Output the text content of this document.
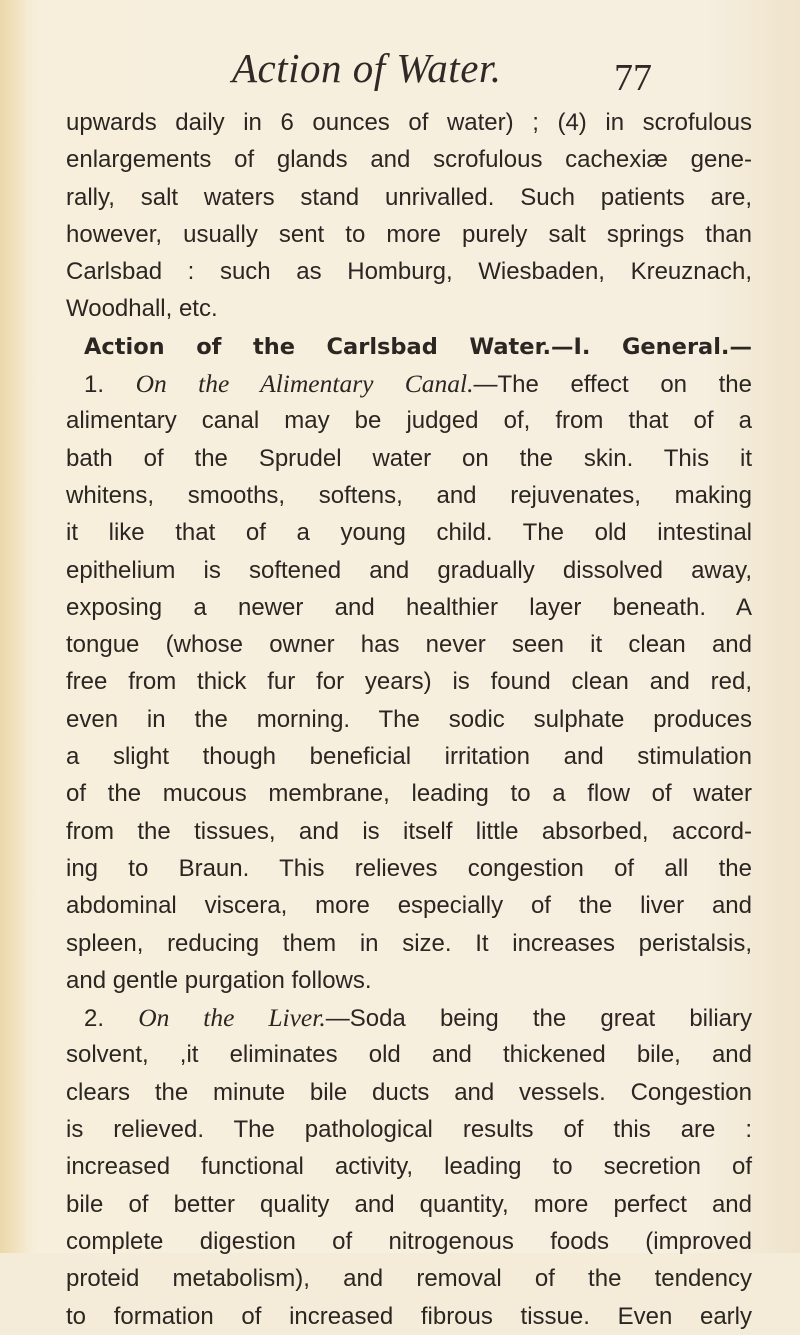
Action of Water.	77
upwards daily in 6 ounces of water) ; (4) in scrofulous
enlargements of glands and scrofulous cachexiæ gene-
rally, salt waters stand unrivalled. Such patients are,
however, usually sent to more purely salt springs than
Carlsbad : such as Homburg, Wiesbaden, Kreuznach,
Woodhall, etc.
Action of the Carlsbad Water.—I. General.—
1. On the Alimentary Canal.—The effect on the
alimentary canal may be judged of, from that of a
bath of the Sprudel water on the skin. This it
whitens, smooths, softens, and rejuvenates, making
it like that of a young child. The old intestinal
epithelium is softened and gradually dissolved away,
exposing a newer and healthier layer beneath. A
tongue (whose owner has never seen it clean and
free from thick fur for years) is found clean and red,
even in the morning. The sodic sulphate produces
a slight though beneficial irritation and stimulation
of the mucous membrane, leading to a flow of water
from the tissues, and is itself little absorbed, accord-
ing to Braun. This relieves congestion of all the
abdominal viscera, more especially of the liver and
spleen, reducing them in size. It increases peristalsis,
and gentle purgation follows.
2. On the Liver.—Soda being the great biliary
solvent, ,it eliminates old and thickened bile, and
clears the minute bile ducts and vessels. Congestion
is relieved. The pathological results of this are :
increased functional activity, leading to secretion of
bile of better quality and quantity, more perfect and
complete digestion of nitrogenous foods (improved
proteid metabolism), and removal of the tendency
to formation of increased fibrous tissue. Even early
